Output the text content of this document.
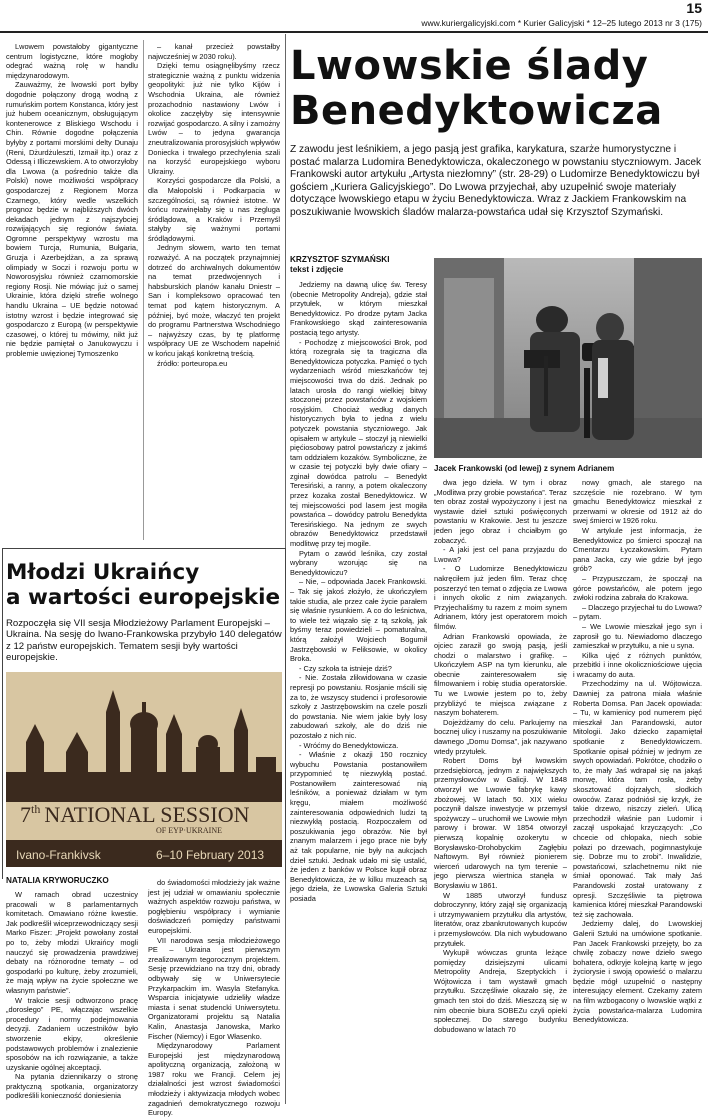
15
www.kuriergalicyjski.com * Kurier Galicyjski * 12–25 lutego 2013 nr 3 (175)

Lwowem powstałoby gigantyczne centrum logistyczne, które mogłoby odegrać ważną rolę w handlu międzynarodowym.

Zauważmy, że lwowski port byłby dogodnie połączony drogą wodną z rumuńskim portem Konstanca, który jest już hubem oceanicznym, obsługującym kontenerowce z Bliskiego Wschodu i Chin. Równie dogodne połączenia byłyby z portami morskimi delty Dunaju (Reni, Dżurdżuleszti, Izmaił itp.) oraz z Odessą i Illiczewskiem. A to otworzyłoby dla Lwowa (a pośrednio także dla Polski) nowe możliwości współpracy gospodarczej z Regionem Morza Czarnego, który wedle wszelkich prognoz będzie w najbliższych dwóch dekadach jednym z najszybciej rozwijających się regionów świata. Ogromne perspektywy wzrostu ma bowiem Turcja, Rumunia, Bułgaria, Gruzja i Azerbejdżan, a za sprawą olimpiady w Soczi i rozwoju portu w Noworosyjsku również czarnomorskie regiony Rosji. Nie mówiąc już o samej Ukrainie, która dzięki strefie wolnego handlu Ukraina – UE będzie notować istotny wzrost i będzie integrować się gospodarczo z Europą (w perspektywie czasowej, o której tu mówimy, nikt już nie będzie pamiętał o Janukowyczu i problemie uwięzionej Tymoszenko

– kanał przecież powstałby najwcześniej w 2030 roku).

Dzięki temu osiągnęlibyśmy rzecz strategicznie ważną z punktu widzenia geopolityki: już nie tylko Kijów i Wschodnia Ukraina, ale również prozachodnio nastawiony Lwów i okolice zaczęłyby się intensywnie rozwijać gospodarczo. A silny i zamożny Lwów – to jedyna gwarancja zneutralizowania prorosyjskich wpływów Doniecka i trwałego przechylenia szali na korzyść europejskiego wyboru Ukrainy.

Korzyści gospodarcze dla Polski, a dla Małopolski i Podkarpacia w szczególności, są również istotne. W końcu rozwinęłaby się u nas żegluga śródlądowa, a Kraków i Przemyśl stałyby się ważnymi portami śródlądowymi.

Jednym słowem, warto ten temat rozważyć. A na początek przynajmniej dotrzeć do archiwalnych dokumentów na temat przedwojennych i habsburskich planów kanału Dniestr – San i kompleksowo opracować ten temat pod kątem historycznym. A później, być może, właczyć ten projekt do programu Partnerstwa Wschodniego – najwyższy czas, by tę platformę współpracy UE ze Wschodem napełnić w końcu jakąś konkretną treścią.

źródło: porteuropa.eu

Lwowskie ślady
Benedyktowicza
Z zawodu jest leśnikiem, a jego pasją jest grafika, karykatura, szarże humorystyczne i postać malarza Ludomira Benedyktowicza, okaleczonego w powstaniu styczniowym. Jacek Frankowski autor artykułu „Artysta niezłomny” (str. 28-29) o Ludomirze Benedyktowiczu był gościem „Kuriera Galicyjskiego”. Do Lwowa przyjechał, aby uzupełnić swoje materiały dotyczące lwowskiego etapu w życiu Benedyktowicza. Wraz z Jackiem Frankowskim na poszukiwanie lwowskich śladów malarza-powstańca udał się Krzysztof Szymański.
KRZYSZTOF SZYMAŃSKI
tekst i zdjęcie

Jedziemy na dawną ulicę św. Teresy (obecnie Metropolity Andreja), gdzie stał przytułek, w którym mieszkał Benedyktowicz. Po drodze pytam Jacka Frankowskiego skąd zainteresowania postacią tego artysty.

- Pochodzę z miejscowości Brok, pod którą rozegrała się ta tragiczna dla Benedyktowicza potyczka. Pamięć o tych wydarzeniach wśród mieszkańców tej miejscowości trwa do dziś. Jednak po latach urosła do rangi wielkiej bitwy stoczonej przez powstańców z wojskiem rosyjskim. Chociaż według danych historycznych była to jedna z wielu potyczek powstania styczniowego. Jak opisałem w artykule – stoczył ją niewielki pięćiosobowy patrol powstańczy z jakimś tam oddziałem kozaków. Symboliczne, że w czasie tej potyczki były dwie ofiary – zginał dowódca patrolu – Benedykt Teresiński, a ranny, a potem okaleczony przez kozaka został Benedyktowicz. W tej miejscowości pod lasem jest mogiła powstańca – dowódcy patrolu Benedykta Teresińskiego. Na jednym ze swych obrazów Benedyktowicz przedstawił modlitwę przy tej mogile.

Pytam o zawód leśnika, czy został wybrany wzorując się na Benedyktowiczu?

– Nie, – odpowiada Jacek Frankowski. – Tak się jakoś złożyło, że ukończyłem takie studia, ale przez całe życie parałem się właśnie rysunkiem. A co do leśnictwa, to wiele też wiązało się z tą szkołą, jak byśmy teraz powiedzieli – pomaturalna, którą założył Wojciech Bogumił Jastrzębowski w Feliksowie, w okolicy Broka.

- Czy szkoła ta istnieje dziś?

- Nie. Została zlikwidowana w czasie represji po powstaniu. Rosjanie mścili się za to, że wszyscy studenci i profesorowie szkoły z Jastrzębowskim na czele poszli do powstania. Nie wiem jakie były losy zabudowań szkoły, ale do dziś nie pozostało z nich nic.

- Wróćmy do Benedyktowicza.

- Właśnie z okazji 150 rocznicy wybuchu Powstania postanowiłem przypomnieć tę niezwykłą postać. Postanowiłem zainteresować nią leśników, a ponieważ działam w tym kręgu, miałem możliwość zainteresowania odpowiednich ludzi tą niezwykłą postacią. Rozpoczałem od poszukiwania jego obrazów. Nie był znanym malarzem i jego prace nie były aż tak popularne, nie były na aukcjach dzieł sztuki. Jednak udało mi się ustalić, że jeden z banków w Polsce kupił obraz Benedyktowicza, że w kilku muzeach są jego dzieła, że Lwowska Galeria Sztuki posiada

Jacek Frankowski (od lewej) z synem Adrianem

dwa jego dzieła. W tym i obraz „Modlitwa przy grobie powstańca”. Teraz ten obraz został wypożyczony i jest na wystawie dzieł sztuki poświęconych powstaniu w Krakowie. Jest tu jeszcze jeden jego obraz i chciałbym go zobaczyć.

- A jaki jest cel pana przyjazdu do Lwowa?

- O Ludomirze Benedyktowiczu nakręciłem już jeden film. Teraz chcę poszerzyć ten temat o zdjęcia ze Lwowa i innych okolic z nim związanych. Przyjechaliśmy tu razem z moim synem Adrianem, który jest operatorem moich filmów.

Adrian Frankowski opowiada, że ojciec zaraził go swoją pasją, jeśli chodzi o malarstwo i grafikę. – Ukończyłem ASP na tym kierunku, ale obecnie zainteresowałem się filmowaniem i robię studia operatorskie. Tu we Lwowie jestem po to, żeby przybliżyć te miejsca związane z naszym bohaterem.

Dojeżdżamy do celu. Parkujemy na bocznej ulicy i ruszamy na poszukiwanie dawnego „Domu Domsa”, jak nazywano wtedy przytułek.

Robert Doms był lwowskim przedsiębiorcą, jednym z największych przemysłowców w Galicji. W 1848 otworzył we Lwowie fabrykę kawy zbożowej. W latach 50. XIX wieku poczynił dalsze inwestycje w przemysł spożywczy – uruchomił we Lwowie młyn parowy i browar. W 1854 otworzył pierwszą kopalnię ozokerytu w Borysławsko-Drohobyckim Zagłębiu Naftowym. Był również pionierem wierceń udarowych na tym terenie – jego pierwsza wiertnica stanęła w Borysławiu w 1861.

W 1885 utworzył fundusz dobroczynny, który zajął się organizacją i utrzymywaniem przytułku dla artystów, literatów, oraz zbankrutowanych kupców i przemysłowców. Dla nich wybudowano przytułek.

Wykupił wówczas grunta leżące pomiędzy dzisiejszymi ulicami Metropolity Andreja, Szeptyckich i Wójtowicza i tam wystawił gmach przytułku. Szczęśliwie okazało się, że gmach ten stoi do dziś. Mieszczą się w nim obecnie biura SOBEZu czyli opieki społecznej. Do starego budynku dobudowano w latach 70

nowy gmach, ale starego na szczęście nie rozebrano. W tym gmachu Benedyktowicz mieszkał z przerwami w okresie od 1912 aż do swej śmierci w 1926 roku.

W artykule jest informacja, że Benedyktowicz po śmierci spoczął na Cmentarzu Łyczakowskim. Pytam pana Jacka, czy wie gdzie był jego grób?

– Przypuszczam, że spoczął na górce powstańców, ale potem jego zwłoki rodzina zabrała do Krakowa.

– Dlaczego przyjechał tu do Lwowa? – pytam.

– We Lwowie mieszkał jego syn i zaprosił go tu. Niewiadomo dlaczego zamieszkał w przytułku, a nie u syna.

Kilka ujęć z różnych punktów, przebitki i inne okoliczniościowe ujęcia i wracamy do auta.

Przechodzimy na ul. Wójtowicza. Dawniej za patrona miała właśnie Roberta Domsa. Pan Jacek opowiada: – Tu, w kamienicy pod numerem pięć mieszkał Jan Parandowski, autor Mitologii. Jako dziecko zapamiętał spotkanie z Benedyktowiczem. Spotkanie opisał później w jednym ze swych opowiadań. Pokrótce, chodziło o to, że mały Jaś wdrapał się na jakąś morwę, która tam rosła, żeby skosztować dojrzałych, słodkich owoców. Zaraz podniósł się krzyk, że takie drzewo, niszczy zieleń. Ulicą przechodził właśnie pan Ludomir i zaczął uspokajać krzyczących: „Co chcecie od chłopaka, niech sobie połazi po drzewach, pogimnastykuje się. Dobrze mu to zrobi”. Inwalidzie, powstańcowi, szlachetnemu nikt nie śmiał oponować. Tak mały Jaś Parandowski został uratowany z opresji. Szczęśliwie ta piętrowa kamienica której mieszkał Parandowski też się zachowała.

Jedziemy dalej, do Lwowskiej Galerii Sztuki na umówione spotkanie. Pan Jacek Frankowski przejęty, bo za chwilę zobaczy nowe dzieło swego bohatera, odkryje kolejną kartę w jego życiorysie i swoją opowieść o malarzu będzie mógł uzupełnić o następny interesujący element. Czekamy zatem na film wzbogacony o lwowskie wątki z życia powstańca-malarza Ludomira Benedyktowicza.

Młodzi Ukraińcy
a wartości europejskie
Rozpoczęła się VII sesja Młodzieżowy Parlament Europejski – Ukraina. Na sesję do Iwano-Frankowska przybyło 140 delegatów z 12 państw europejskich. Tematem sesji były wartości europejskie.
7th NATIONAL SESSION
OF EYP·UKRAINE
Ivano-Frankivsk	6–10 February 2013
NATALIA KRYWORUCZKO

W ramach obrad uczestnicy pracowali w 8 parlamentarnych komitetach. Omawiano różne kwestie. Jak podkreślił wiceprzewodniczący sesji Marko Fiszer: „Projekt powołany został po to, żeby młodzi Ukraińcy mogli nauczyć się prowadzenia prawdziwej debaty na różnorodne tematy – od gospodarki po kulturę, żeby zrozumieli, że mają wpływ na życie społeczne we własnym państwie”.

W trakcie sesji odtworzono pracę „dorosłego” PE, włączając wszelkie procedury i normy podejmowania decyzji. Zadaniem uczestników było stworzenie ekipy, określenie podstawowych problemów i znalezienie sposobów na ich rozwiązanie, a także uzyskanie ogólnej akceptacji.

Na pytania dziennikarzy o stronę praktyczną spotkania, organizatorzy podkreślili konieczność doniesienia

do świadomości młodzieży jak ważne jest jej udział w omawianiu społecznie ważnych aspektów rozwoju państwa, w pogłębieniu współpracy i wymianie doświadczeń pomiędzy państwami europejskimi.

VII narodowa sesja młodzieżowego PE – Ukraina jest pierwszym zrealizowanym tegorocznym projektem. Sesję przewidziano na trzy dni, obrady odbywały się w Uniwersytecie Przykarpackim im. Wasyla Stefanyka. Wsparcia inicjatywie udzieliły władze miasta i senat studencki Uniwersytetu. Organizatorami projektu są Natalia Kalin, Anastasja Janowska, Marko Fischer (Niemcy) i Egor Własenko.

Międzynarodowy Parlament Europejski jest międzynarodową apolityczną organizacją, założoną w 1987 roku we Francji. Celem jej działalności jest wzrost świadomości młodzieży i aktywizacja młodych wobec zagadnień demokratycznego rozwoju Europy.
